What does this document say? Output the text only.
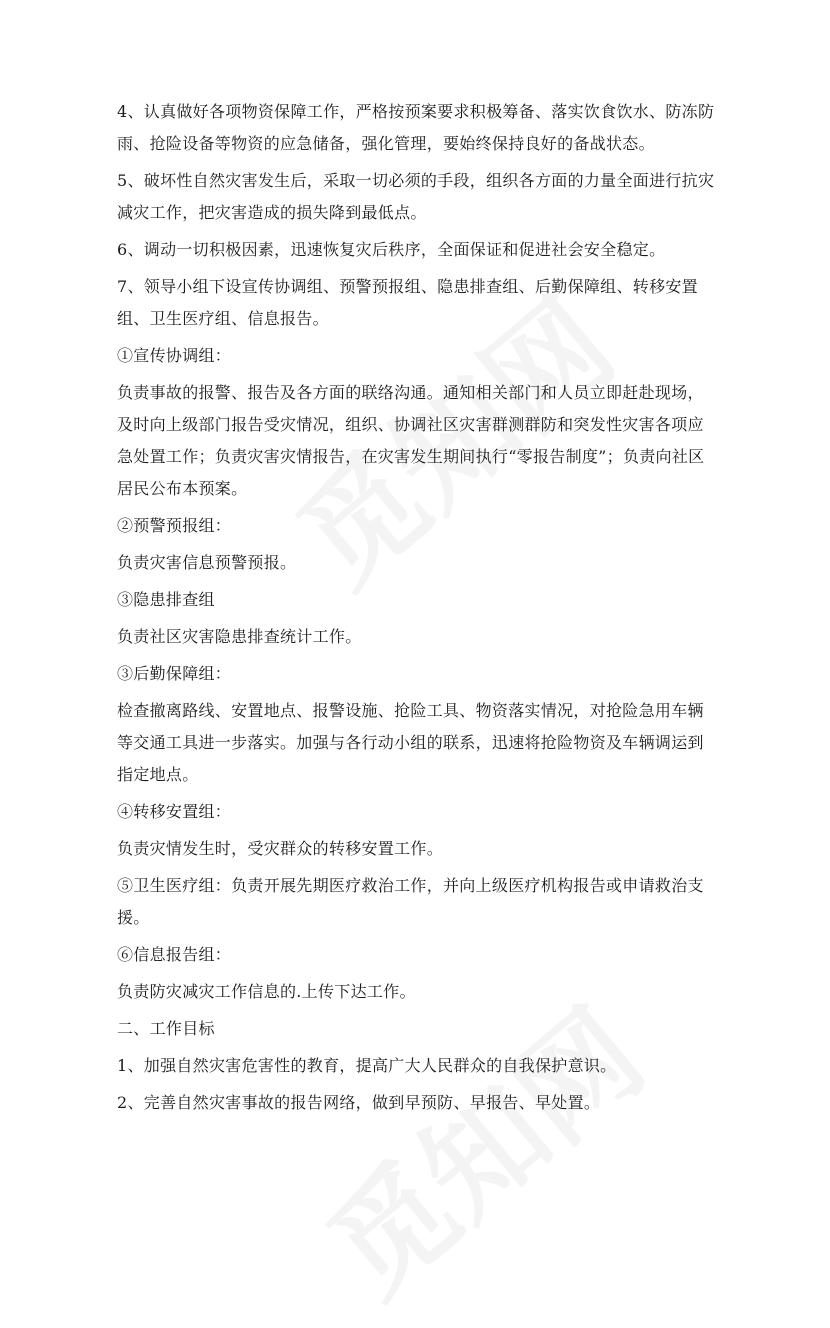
4、认真做好各项物资保障工作，严格按预案要求积极筹备、落实饮食饮水、防冻防雨、抢险设备等物资的应急储备，强化管理，要始终保持良好的备战状态。

5、破坏性自然灾害发生后，采取一切必须的手段，组织各方面的力量全面进行抗灾减灾工作，把灾害造成的损失降到最低点。

6、调动一切积极因素，迅速恢复灾后秩序，全面保证和促进社会安全稳定。

7、领导小组下设宣传协调组、预警预报组、隐患排查组、后勤保障组、转移安置组、卫生医疗组、信息报告。

①宣传协调组：

负责事故的报警、报告及各方面的联络沟通。通知相关部门和人员立即赶赴现场，及时向上级部门报告受灾情况，组织、协调社区灾害群测群防和突发性灾害各项应急处置工作；负责灾害灾情报告，在灾害发生期间执行“零报告制度”；负责向社区居民公布本预案。

②预警预报组：

负责灾害信息预警预报。

③隐患排查组

负责社区灾害隐患排查统计工作。

③后勤保障组：

检查撤离路线、安置地点、报警设施、抢险工具、物资落实情况，对抢险急用车辆等交通工具进一步落实。加强与各行动小组的联系，迅速将抢险物资及车辆调运到指定地点。

④转移安置组：

负责灾情发生时，受灾群众的转移安置工作。

⑤卫生医疗组：负责开展先期医疗救治工作，并向上级医疗机构报告或申请救治支援。

⑥信息报告组：

负责防灾减灾工作信息的.上传下达工作。

二、工作目标

1、加强自然灾害危害性的教育，提高广大人民群众的自我保护意识。

2、完善自然灾害事故的报告网络，做到早预防、早报告、早处置。
